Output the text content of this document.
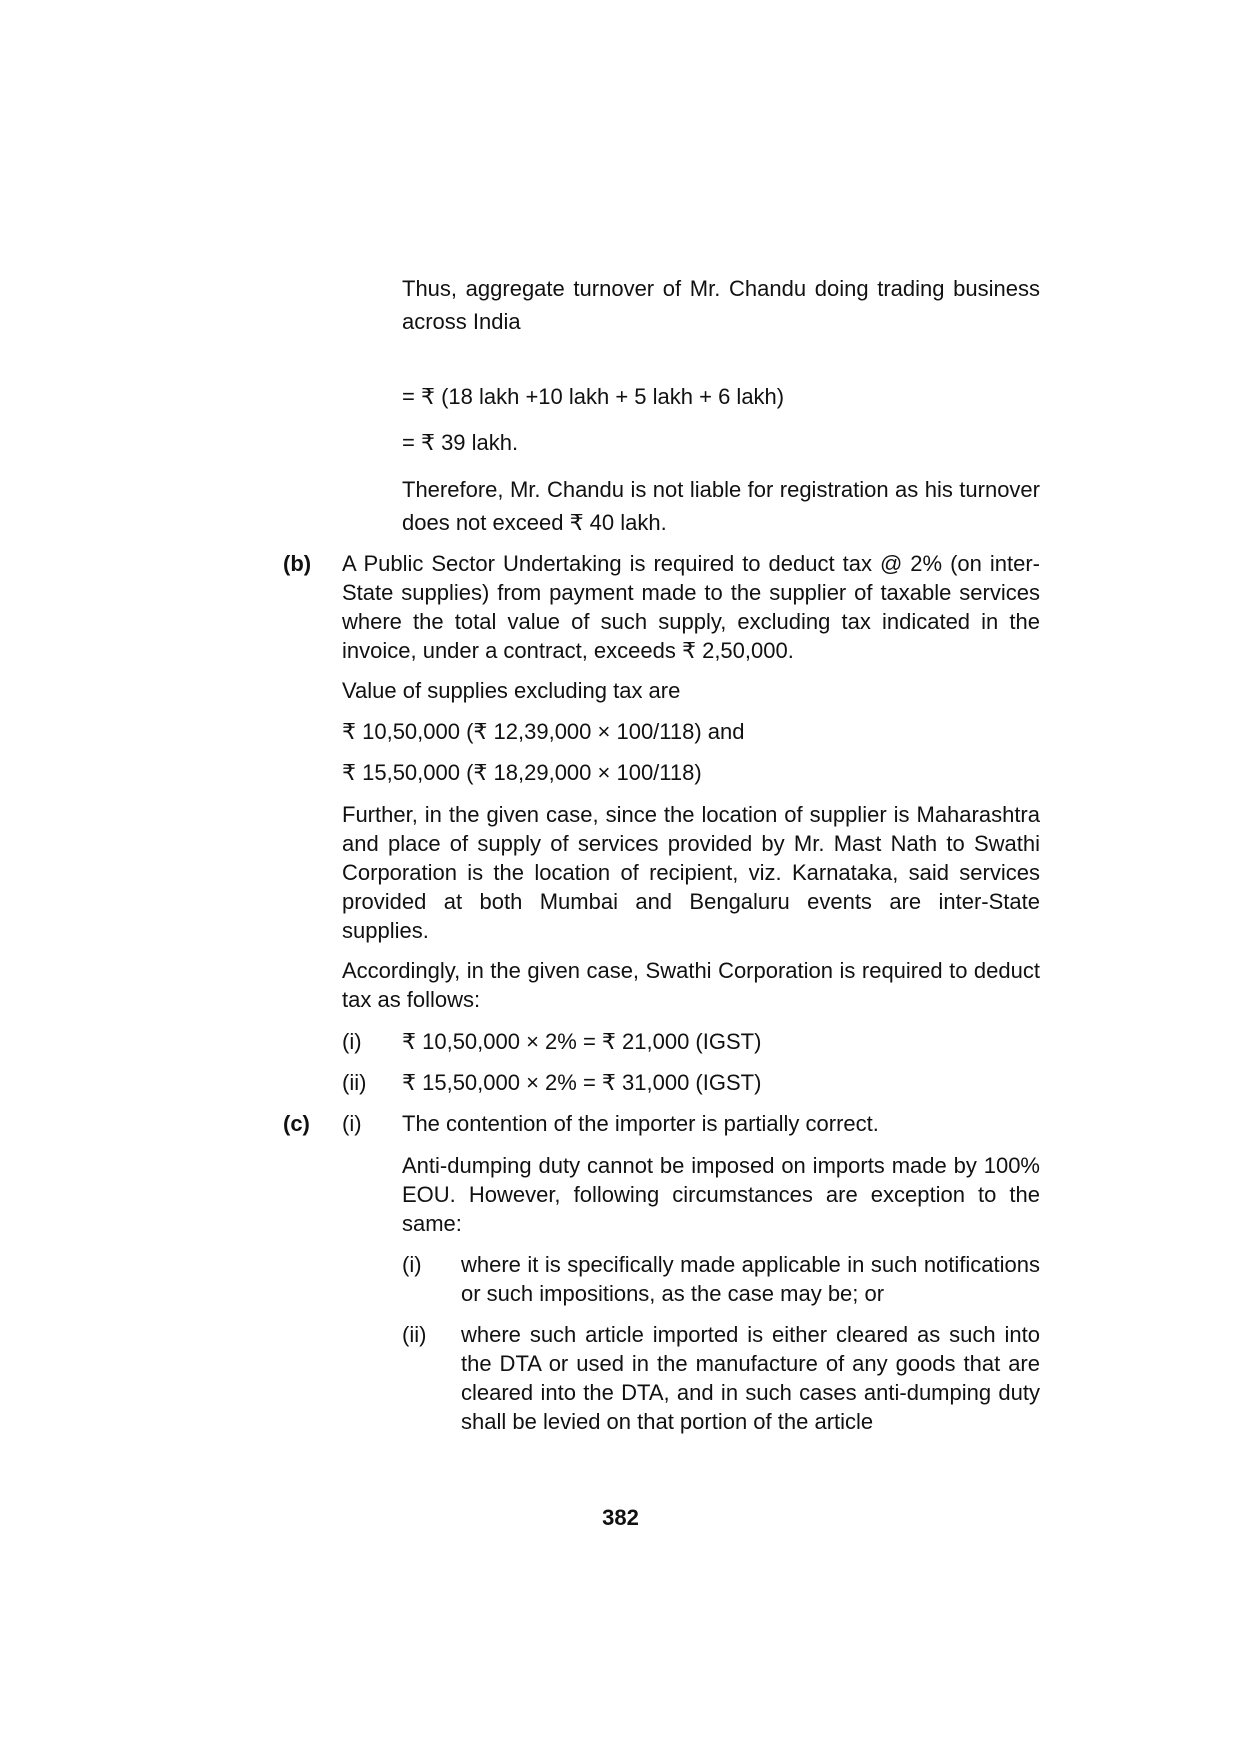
Thus, aggregate turnover of Mr. Chandu doing trading business across India

= ₹ (18 lakh +10 lakh + 5 lakh + 6 lakh)

= ₹ 39 lakh.

Therefore, Mr. Chandu is not liable for registration as his turnover does not exceed ₹ 40 lakh.

(b) A Public Sector Undertaking is required to deduct tax @ 2% (on inter-State supplies) from payment made to the supplier of taxable services where the total value of such supply, excluding tax indicated in the invoice, under a contract, exceeds ₹ 2,50,000.

Value of supplies excluding tax are

₹ 10,50,000 (₹ 12,39,000 × 100/118) and

₹ 15,50,000 (₹ 18,29,000 × 100/118)

Further, in the given case, since the location of supplier is Maharashtra and place of supply of services provided by Mr. Mast Nath to Swathi Corporation is the location of recipient, viz. Karnataka, said services provided at both Mumbai and Bengaluru events are inter-State supplies.

Accordingly, in the given case, Swathi Corporation is required to deduct tax as follows:

(i) ₹ 10,50,000 × 2% = ₹ 21,000 (IGST)

(ii) ₹ 15,50,000 × 2% = ₹ 31,000 (IGST)

(c) (i) The contention of the importer is partially correct.

Anti-dumping duty cannot be imposed on imports made by 100% EOU. However, following circumstances are exception to the same:

(i) where it is specifically made applicable in such notifications or such impositions, as the case may be; or

(ii) where such article imported is either cleared as such into the DTA or used in the manufacture of any goods that are cleared into the DTA, and in such cases anti-dumping duty shall be levied on that portion of the article

382
